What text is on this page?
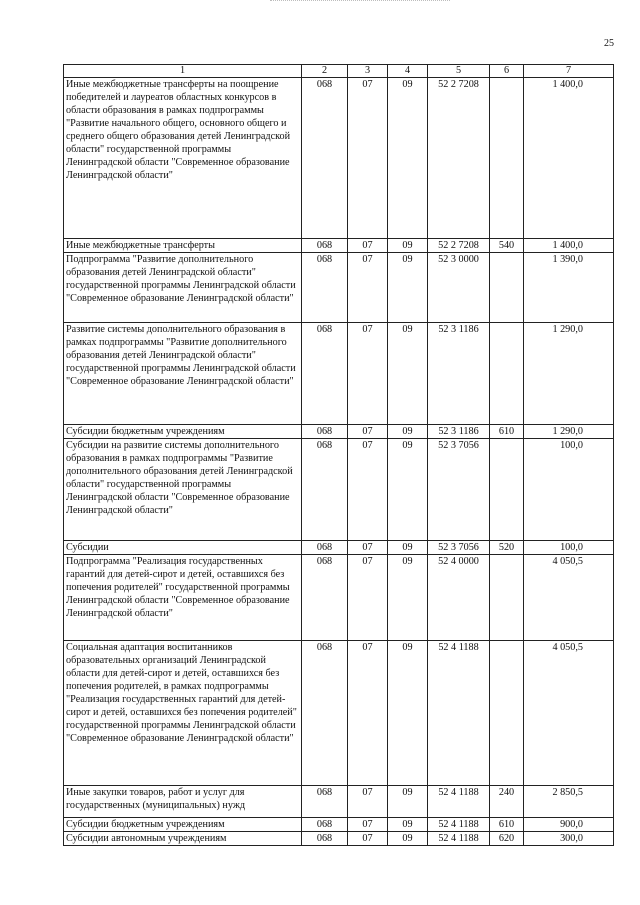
25
1	2	3	4	5	6	7
Иные межбюджетные трансферты на поощрение победителей и лауреатов областных конкурсов в области образования в рамках подпрограммы "Развитие начального общего, основного общего и среднего общего образования детей Ленинградской области" государственной программы Ленинградской области "Современное образование Ленинградской области"	068	07	09	52 2 7208		1 400,0
Иные межбюджетные трансферты	068	07	09	52 2 7208	540	1 400,0
Подпрограмма "Развитие дополнительного образования детей Ленинградской области" государственной программы Ленинградской области "Современное образование Ленинградской области"	068	07	09	52 3 0000		1 390,0
Развитие системы дополнительного образования в рамках подпрограммы "Развитие дополнительного образования детей Ленинградской области" государственной программы Ленинградской области "Современное образование Ленинградской области"	068	07	09	52 3 1186		1 290,0
Субсидии бюджетным учреждениям	068	07	09	52 3 1186	610	1 290,0
Субсидии на развитие системы дополнительного образования в рамках подпрограммы "Развитие дополнительного образования детей Ленинградской области" государственной программы Ленинградской области "Современное образование Ленинградской области"	068	07	09	52 3 7056		100,0
Субсидии	068	07	09	52 3 7056	520	100,0
Подпрограмма "Реализация государственных гарантий для детей-сирот и детей, оставшихся без попечения родителей" государственной программы Ленинградской области "Современное образование Ленинградской области"	068	07	09	52 4 0000		4 050,5
Социальная адаптация воспитанников образовательных организаций Ленинградской области для детей-сирот и детей, оставшихся без попечения родителей, в рамках подпрограммы "Реализация государственных гарантий для детей-сирот и детей, оставшихся без попечения родителей" государственной программы Ленинградской области "Современное образование Ленинградской области"	068	07	09	52 4 1188		4 050,5
Иные закупки товаров, работ и услуг для государственных (муниципальных) нужд	068	07	09	52 4 1188	240	2 850,5
Субсидии бюджетным учреждениям	068	07	09	52 4 1188	610	900,0
Субсидии автономным учреждениям	068	07	09	52 4 1188	620	300,0
